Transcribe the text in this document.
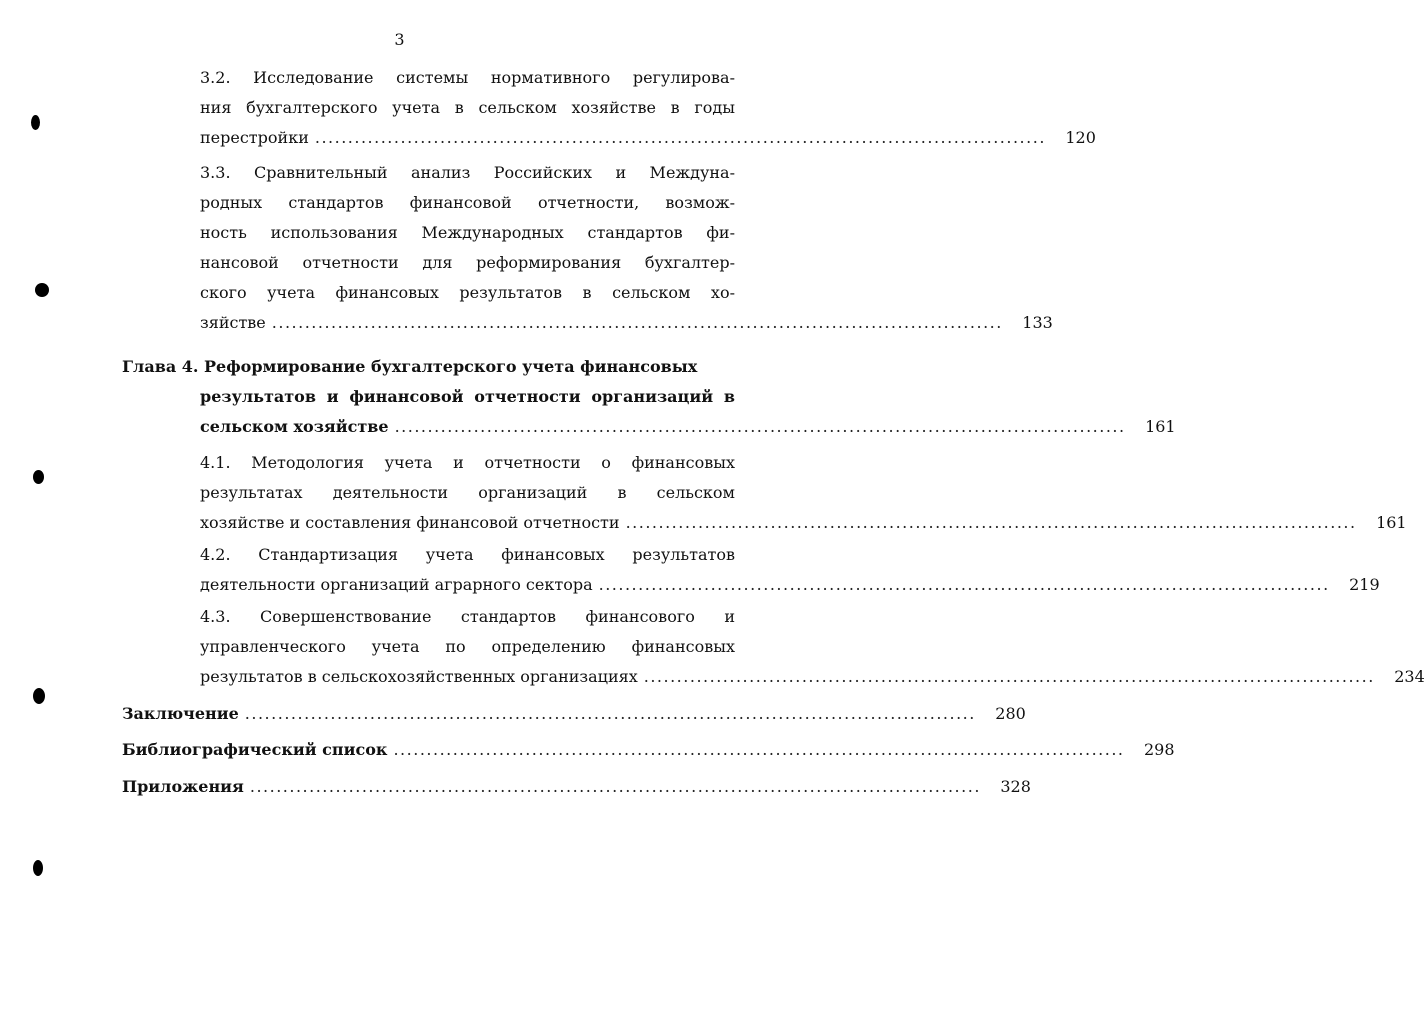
3
3.2. Исследование системы нормативного регулирова-
ния бухгалтерского учета в сельском хозяйстве в годы
перестройки ...............................................................................................................	120
3.3. Сравнительный анализ Российских и Междуна-
родных стандартов финансовой отчетности, возмож-
ность использования Международных стандартов фи-
нансовой отчетности для реформирования бухгалтер-
ского учета финансовых результатов в сельском хо-
зяйстве ...............................................................................................................	133
Глава 4. Реформирование бухгалтерского учета финансовых
результатов и финансовой отчетности организаций в
сельском хозяйстве ...............................................................................................................	161
4.1. Методология учета и отчетности о финансовых
результатах деятельности организаций в сельском
хозяйстве и составления финансовой отчетности ...............................................................................................................	161
4.2. Стандартизация учета финансовых результатов
деятельности организаций аграрного сектора ...............................................................................................................	219
4.3. Совершенствование стандартов финансового и
управленческого учета по определению финансовых
результатов в сельскохозяйственных организациях ...............................................................................................................	234
Заключение ...............................................................................................................	280
Библиографический список ...............................................................................................................	298
Приложения ...............................................................................................................	328
